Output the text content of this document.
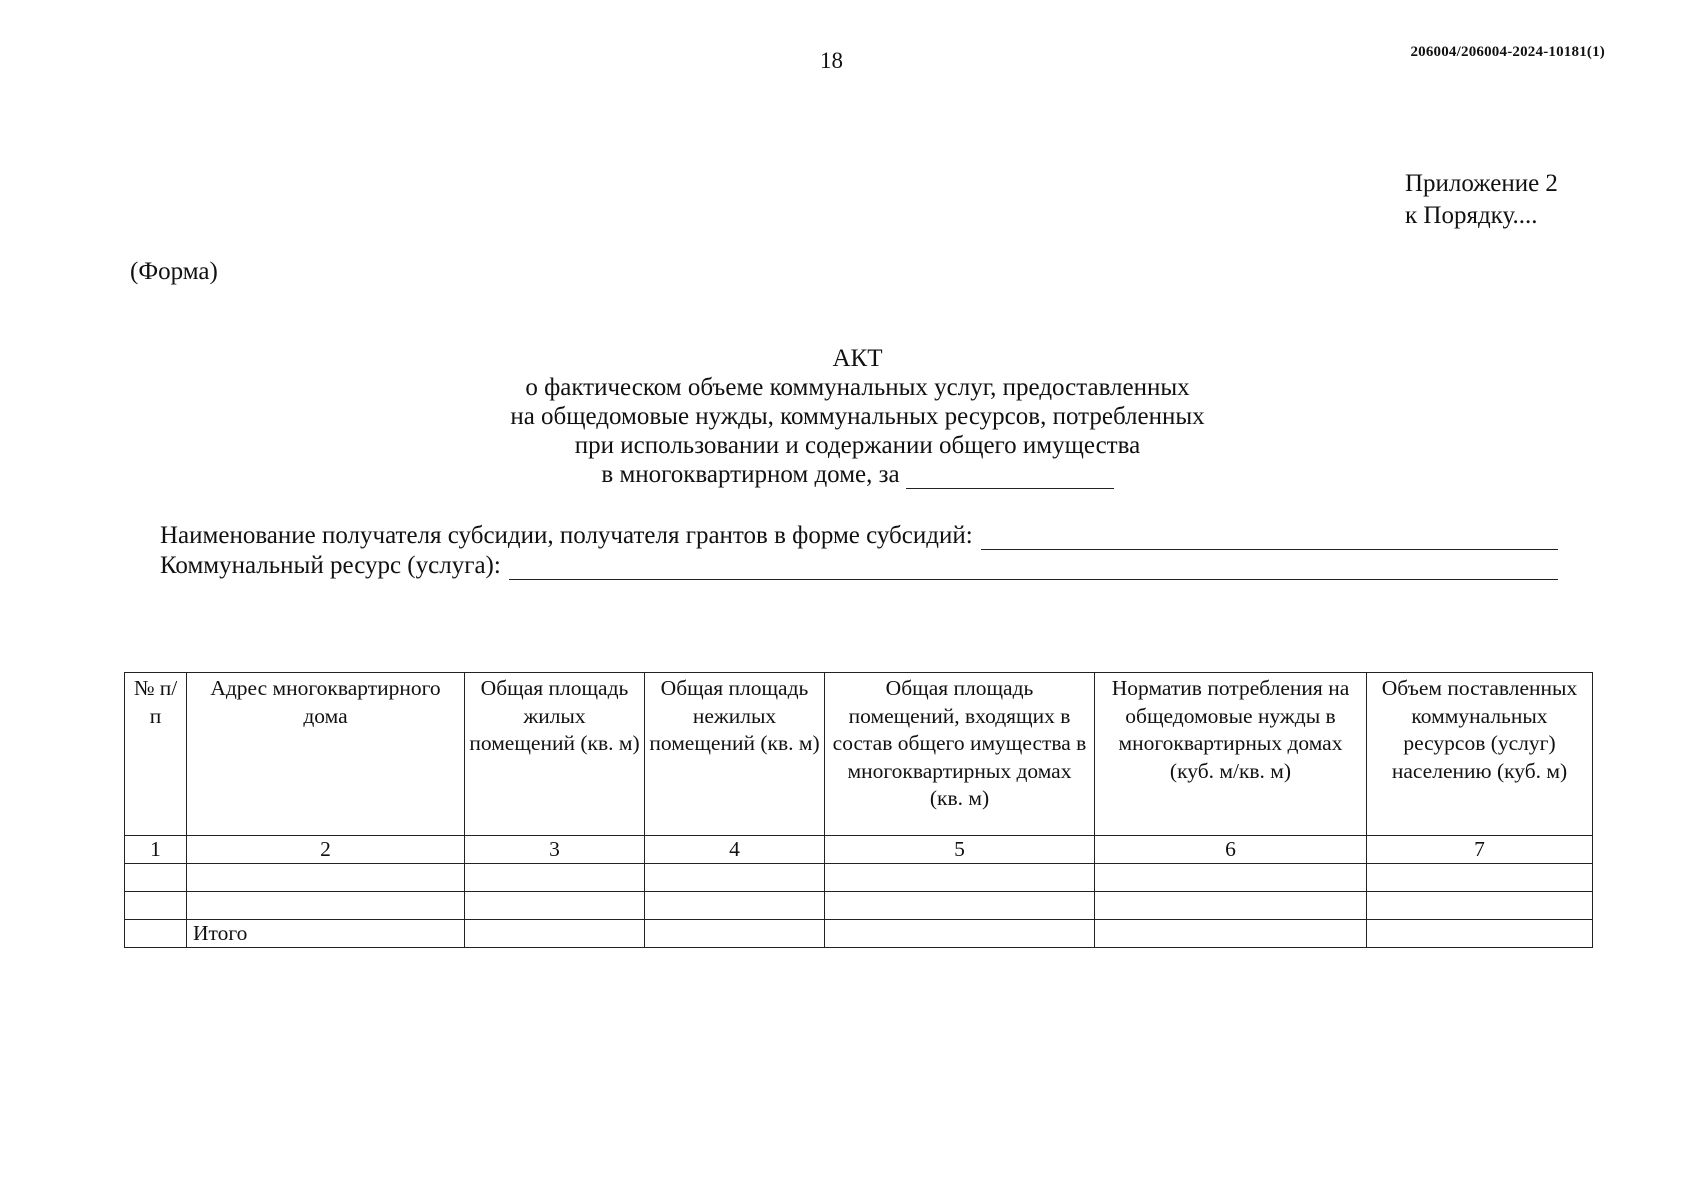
18	206004/206004-2024-10181(1)
Приложение 2
к Порядку....
(Форма)
АКТ
о фактическом объеме коммунальных услуг, предоставленных
на общедомовые нужды, коммунальных ресурсов, потребленных
при использовании и содержании общего имущества
в многоквартирном доме, за
Наименование получателя субсидии, получателя грантов в форме субсидий:
Коммунальный ресурс (услуга):
№ п/п	Адрес многоквартирного дома	Общая площадь жилых помещений (кв. м)	Общая площадь нежилых помещений (кв. м)	Общая площадь помещений, входящих в состав общего имущества в многоквартирных домах (кв. м)	Норматив потребления на общедомовые нужды в многоквартирных домах (куб. м/кв. м)	Объем поставленных коммунальных ресурсов (услуг) населению (куб. м)
1	2	3	4	5	6	7

	Итого					
